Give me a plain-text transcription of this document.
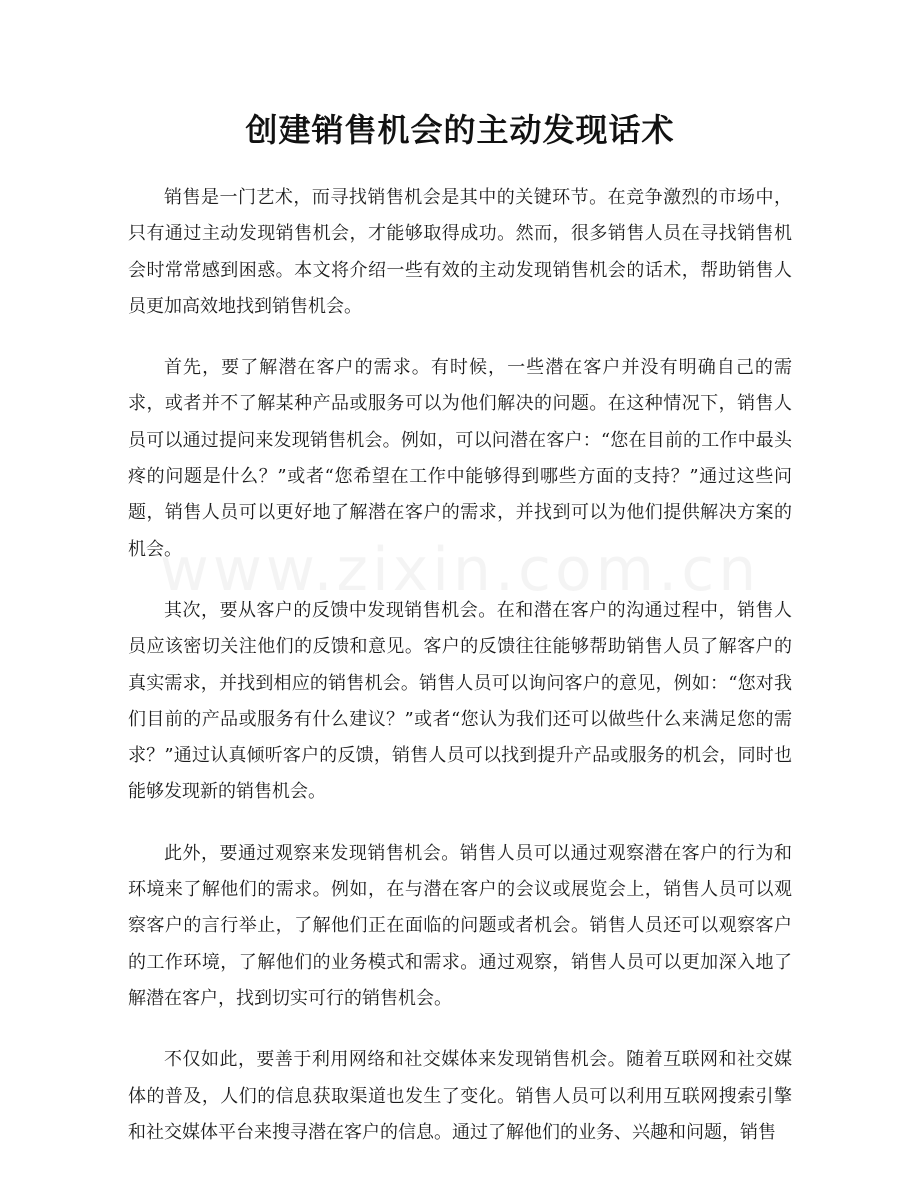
创建销售机会的主动发现话术

销售是一门艺术，而寻找销售机会是其中的关键环节。在竞争激烈的市场中，只有通过主动发现销售机会，才能够取得成功。然而，很多销售人员在寻找销售机会时常常感到困惑。本文将介绍一些有效的主动发现销售机会的话术，帮助销售人员更加高效地找到销售机会。

首先，要了解潜在客户的需求。有时候，一些潜在客户并没有明确自己的需求，或者并不了解某种产品或服务可以为他们解决的问题。在这种情况下，销售人员可以通过提问来发现销售机会。例如，可以问潜在客户：“您在目前的工作中最头疼的问题是什么？”或者“您希望在工作中能够得到哪些方面的支持？”通过这些问题，销售人员可以更好地了解潜在客户的需求，并找到可以为他们提供解决方案的机会。

其次，要从客户的反馈中发现销售机会。在和潜在客户的沟通过程中，销售人员应该密切关注他们的反馈和意见。客户的反馈往往能够帮助销售人员了解客户的真实需求，并找到相应的销售机会。销售人员可以询问客户的意见，例如：“您对我们目前的产品或服务有什么建议？”或者“您认为我们还可以做些什么来满足您的需求？”通过认真倾听客户的反馈，销售人员可以找到提升产品或服务的机会，同时也能够发现新的销售机会。

此外，要通过观察来发现销售机会。销售人员可以通过观察潜在客户的行为和环境来了解他们的需求。例如，在与潜在客户的会议或展览会上，销售人员可以观察客户的言行举止，了解他们正在面临的问题或者机会。销售人员还可以观察客户的工作环境，了解他们的业务模式和需求。通过观察，销售人员可以更加深入地了解潜在客户，找到切实可行的销售机会。

不仅如此，要善于利用网络和社交媒体来发现销售机会。随着互联网和社交媒体的普及，人们的信息获取渠道也发生了变化。销售人员可以利用互联网搜索引擎和社交媒体平台来搜寻潜在客户的信息。通过了解他们的业务、兴趣和问题，销售
